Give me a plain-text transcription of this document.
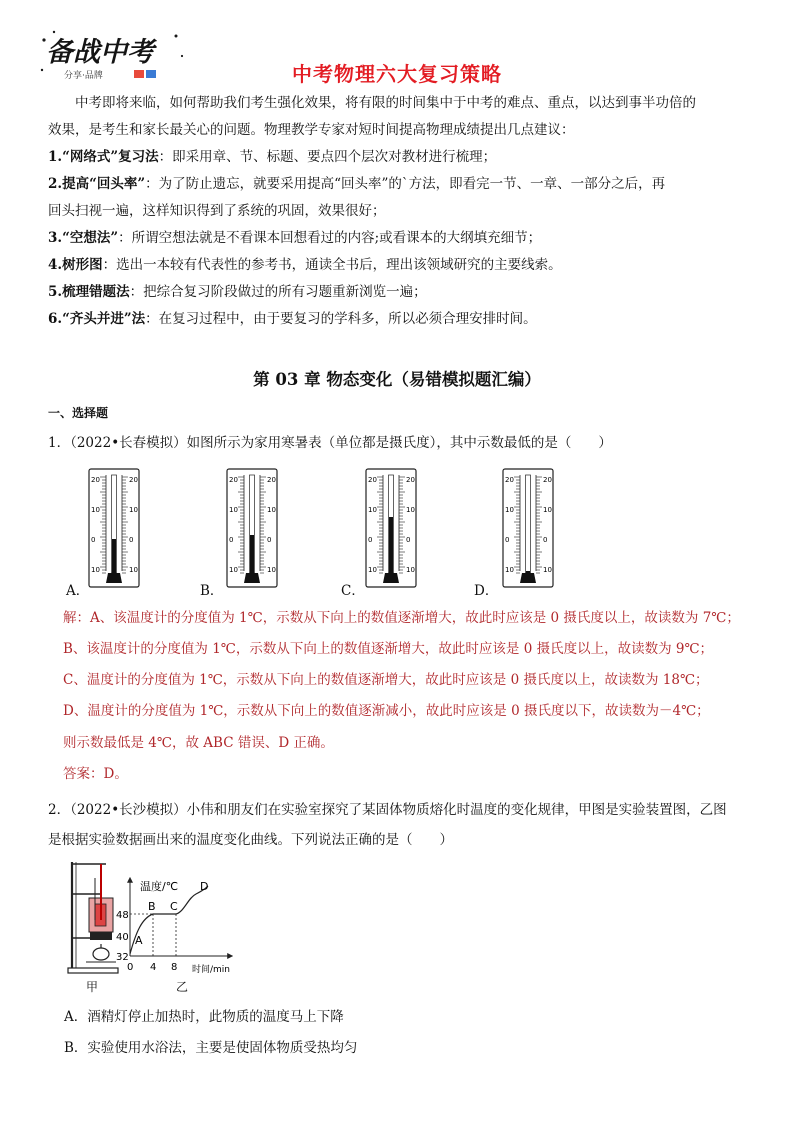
备战中考
分享·品牌	中考物理六大复习策略
中考即将来临，如何帮助我们考生强化效果，将有限的时间集中于中考的难点、重点，以达到事半功倍的
效果，是考生和家长最关心的问题。物理教学专家对短时间提高物理成绩提出几点建议：
1.“网络式”复习法：即采用章、节、标题、要点四个层次对教材进行梳理；
2.提高“回头率”：为了防止遗忘，就要采用提高“回头率”的`方法，即看完一节、一章、一部分之后，再
回头扫视一遍，这样知识得到了系统的巩固，效果很好；
3.“空想法”：所谓空想法就是不看课本回想看过的内容;或看课本的大纲填充细节；
4.树形图：选出一本较有代表性的参考书，通读全书后，理出该领域研究的主要线索。
5.梳理错题法：把综合复习阶段做过的所有习题重新浏览一遍；
6.“齐头并进”法：在复习过程中，由于要复习的学科多，所以必须合理安排时间。
第 03 章 物态变化（易错模拟题汇编）
一、选择题
1．（2022•长春模拟）如图所示为家用寒暑表（单位都是摄氏度），其中示数最低的是（　　）
20	20
10	10
0	0
10	10
20	20
10	10
0	0
10	10
20	20
10	10
0	0
10	10
20	20
10	10
0	0
10	10
A．	B．	C．	D．
解：A、该温度计的分度值为 1℃，示数从下向上的数值逐渐增大，故此时应该是 0 摄氏度以上，故读数为 7℃；
B、该温度计的分度值为 1℃，示数从下向上的数值逐渐增大，故此时应该是 0 摄氏度以上，故读数为 9℃；
C、温度计的分度值为 1℃，示数从下向上的数值逐渐增大，故此时应该是 0 摄氏度以上，故读数为 18℃；
D、温度计的分度值为 1℃，示数从下向上的数值逐渐减小，故此时应该是 0 摄氏度以下，故读数为－4℃；
则示数最低是 4℃，故 ABC 错误、D 正确。
答案：D。
2．（2022•长沙模拟）小伟和朋友们在实验室探究了某固体物质熔化时温度的变化规律，甲图是实验装置图，乙图
是根据实验数据画出来的温度变化曲线。下列说法正确的是（　　）
甲
温度/℃
时间/min
48
40
32
0 4 8
A
B C
D
乙
A．酒精灯停止加热时，此物质的温度马上下降
B．实验使用水浴法，主要是使固体物质受热均匀
